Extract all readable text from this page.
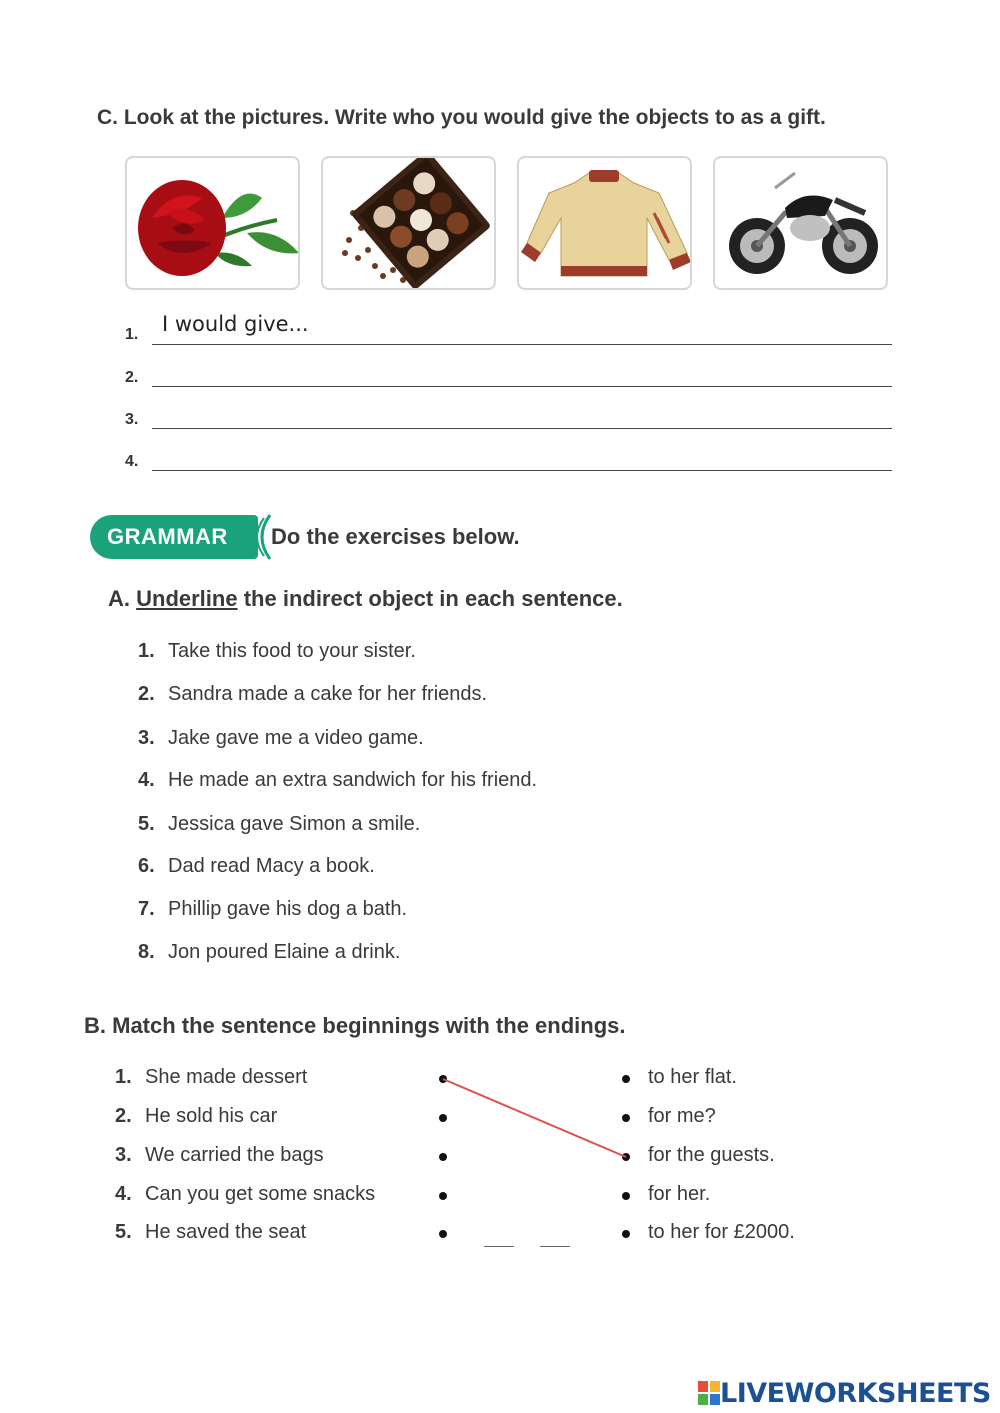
C. Look at the pictures. Write who you would give the objects to as a gift.
1. I would give...
2.
3.
4.
GRAMMAR Do the exercises below.
A. Underline the indirect object in each sentence.
1. Take this food to your sister.
2. Sandra made a cake for her friends.
3. Jake gave me a video game.
4. He made an extra sandwich for his friend.
5. Jessica gave Simon a smile.
6. Dad read Macy a book.
7. Phillip gave his dog a bath.
8. Jon poured Elaine a drink.
B. Match the sentence beginnings with the endings.
1. She made dessert
2. He sold his car
3. We carried the bags
4. Can you get some snacks
5. He saved the seat
to her flat.
for me?
for the guests.
for her.
to her for £2000.
LIVEWORKSHEETS
